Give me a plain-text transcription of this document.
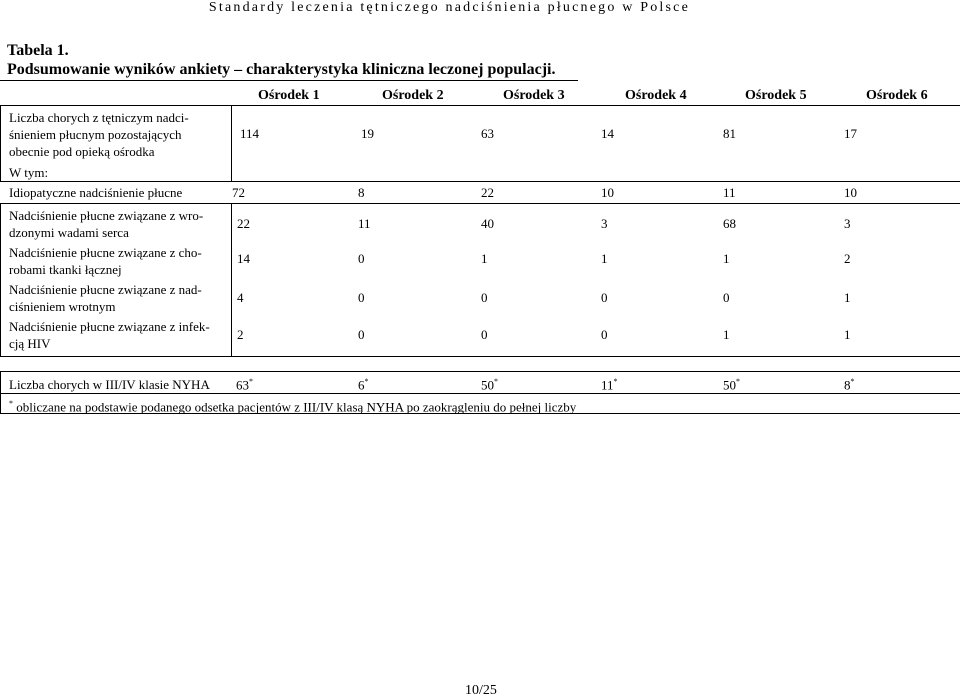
Standardy leczenia tętniczego nadciśnienia płucnego w Polsce
Tabela 1.
Podsumowanie wyników ankiety – charakterystyka kliniczna leczonej populacji.
Ośrodek 1	Ośrodek 2	Ośrodek 3	Ośrodek 4	Ośrodek 5	Ośrodek 6
Liczba chorych z tętniczym nadci-
śnieniem płucnym pozostających
obecnie pod opieką ośrodka
114	19	63	14	81	17
W tym:
Idiopatyczne nadciśnienie płucne	72	8	22	10	11	10
Nadciśnienie płucne związane z wro-
dzonymi wadami serca
22	11	40	3	68	3
Nadciśnienie płucne związane z cho-
robami tkanki łącznej
14	0	1	1	1	2
Nadciśnienie płucne związane z nad-
ciśnieniem wrotnym
4	0	0	0	0	1
Nadciśnienie płucne związane z infek-
cją HIV
2	0	0	0	1	1
Liczba chorych w III/IV klasie NYHA 63*	6*	50*	11*	50*	8*
* obliczane na podstawie podanego odsetka pacjentów z III/IV klasą NYHA po zaokrągleniu do pełnej liczby
10/25
